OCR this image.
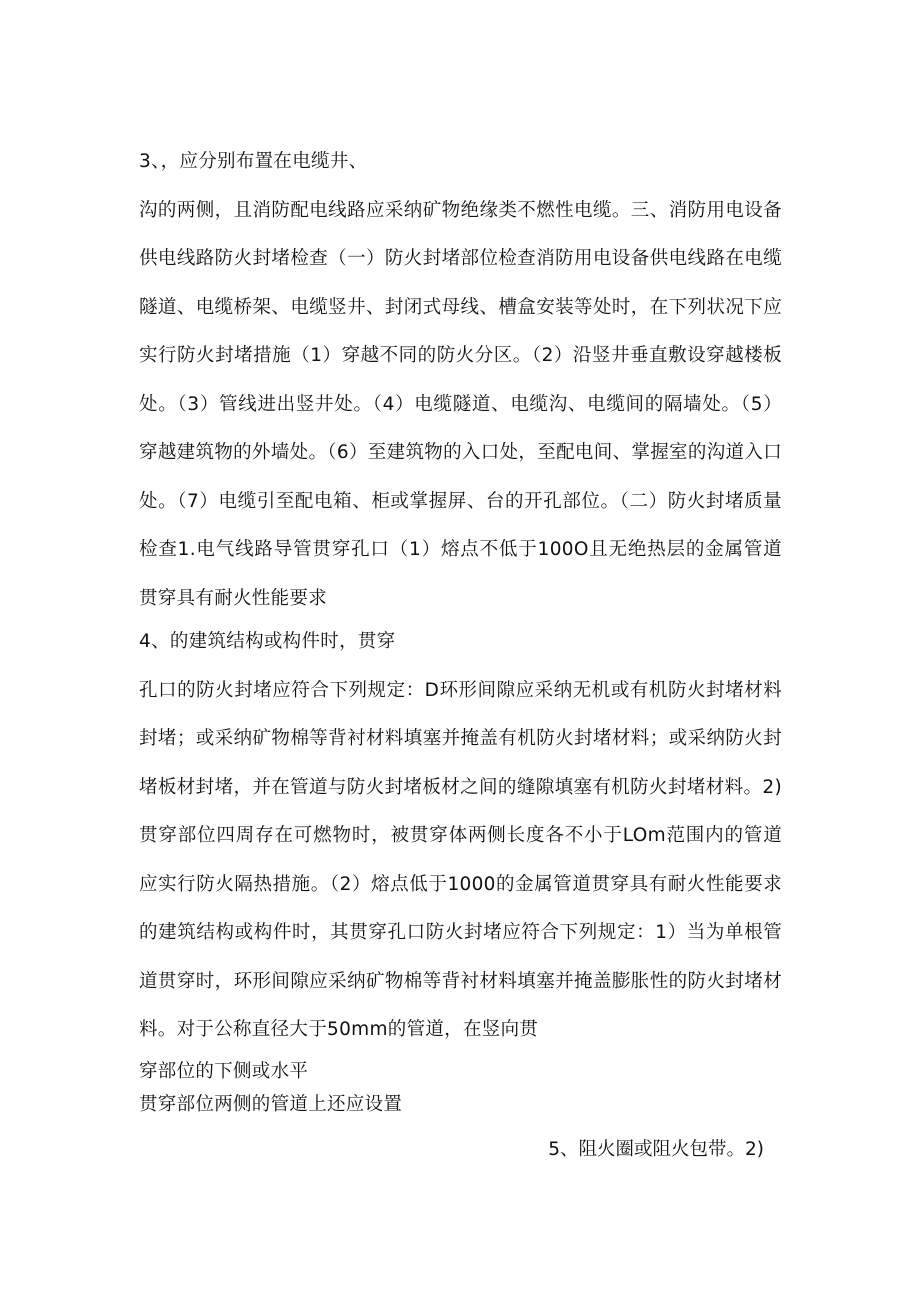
3、，应分别布置在电缆井、
沟的两侧，且消防配电线路应采纳矿物绝缘类不燃性电缆。三、消防用电设备供电线路防火封堵检查（一）防火封堵部位检查消防用电设备供电线路在电缆隧道、电缆桥架、电缆竖井、封闭式母线、槽盒安装等处时，在下列状况下应实行防火封堵措施（1）穿越不同的防火分区。（2）沿竖井垂直敷设穿越楼板处。（3）管线进出竖井处。（4）电缆隧道、电缆沟、电缆间的隔墙处。（5）穿越建筑物的外墙处。（6）至建筑物的入口处，至配电间、掌握室的沟道入口处。（7）电缆引至配电箱、柜或掌握屏、台的开孔部位。（二）防火封堵质量检查1.电气线路导管贯穿孔口（1）熔点不低于100O且无绝热层的金属管道贯穿具有耐火性能要求

4、的建筑结构或构件时，贯穿
孔口的防火封堵应符合下列规定：D环形间隙应采纳无机或有机防火封堵材料封堵；或采纳矿物棉等背衬材料填塞并掩盖有机防火封堵材料；或采纳防火封堵板材封堵，并在管道与防火封堵板材之间的缝隙填塞有机防火封堵材料。2)贯穿部位四周存在可燃物时，被贯穿体两侧长度各不小于LOm范围内的管道应实行防火隔热措施。（2）熔点低于1000的金属管道贯穿具有耐火性能要求的建筑结构或构件时，其贯穿孔口防火封堵应符合下列规定：1）当为单根管道贯穿时，环形间隙应采纳矿物棉等背衬材料填塞并掩盖膨胀性的防火封堵材料。对于公称直径大于50mm的管道，在竖向贯

穿部位的下侧或水平
贯穿部位两侧的管道上还应设置

5、阻火圈或阻火包带。2)
